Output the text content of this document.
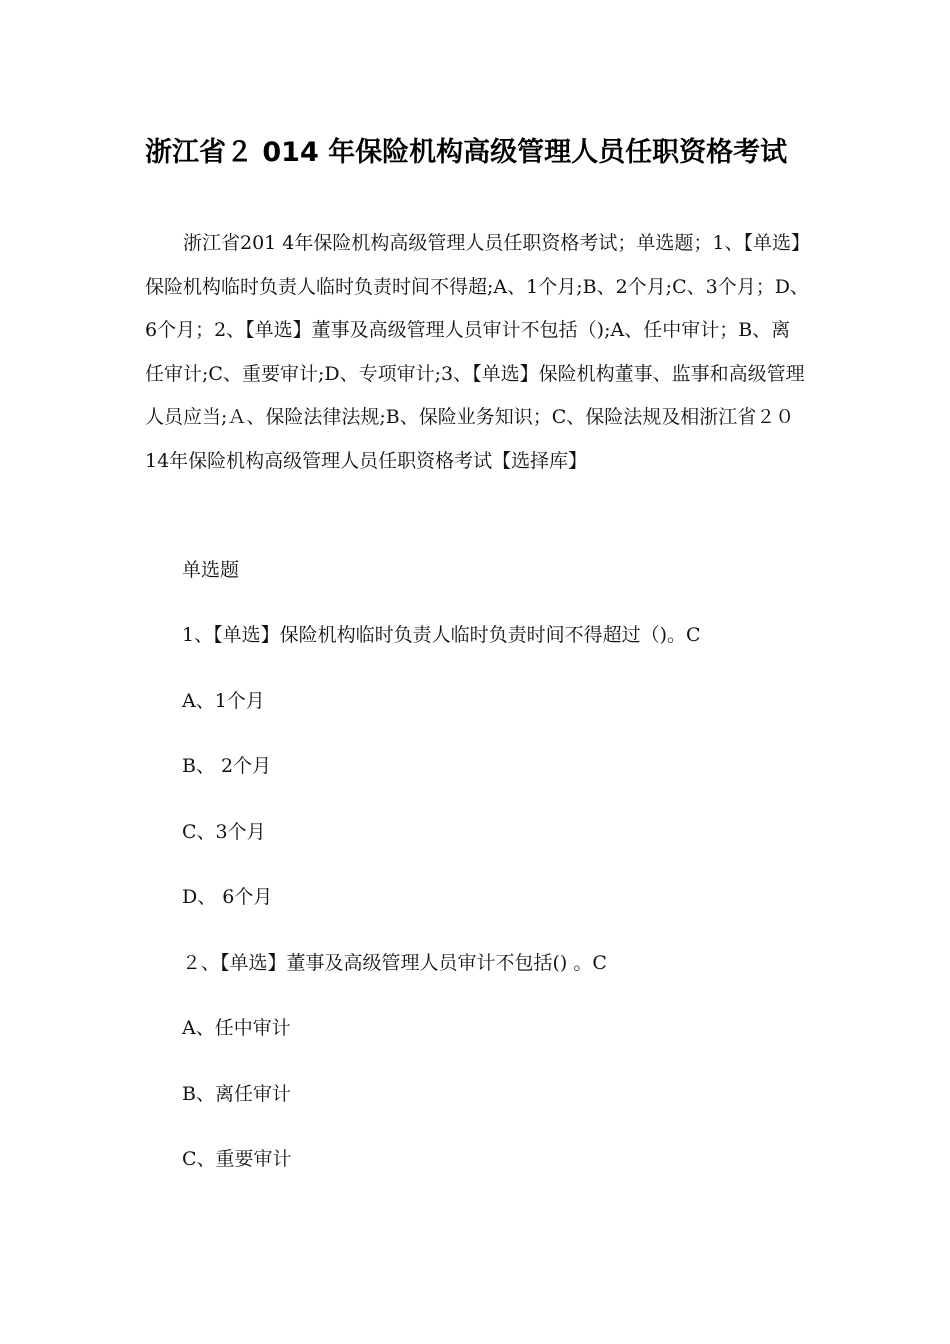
浙江省２ 014 年保险机构高级管理人员任职资格考试

浙江省201 4年保险机构高级管理人员任职资格考试；单选题；1、【单选】保险机构临时负责人临时负责时间不得超;A、1个月;B、2个月;C、3个月；D、6个月；2、【单选】董事及高级管理人员审计不包括（);A、任中审计；B、离任审计;C、重要审计;D、专项审计;3、【单选】保险机构董事、监事和高级管理人员应当;Ａ、保险法律法规;B、保险业务知识；C、保险法规及相浙江省２０ 14年保险机构高级管理人员任职资格考试【选择库】

单选题

1、【单选】保险机构临时负责人临时负责时间不得超过（)。C

A、1个月

B、 2个月

C、3个月

D、 6个月

２、【单选】董事及高级管理人员审计不包括() 。C

A、任中审计

B、离任审计

C、重要审计
